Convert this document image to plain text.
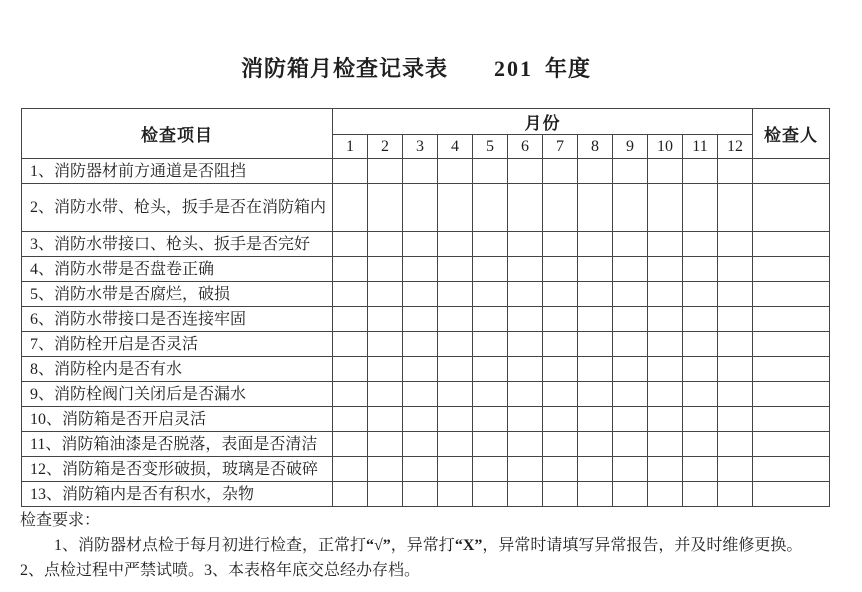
消防箱月检查记录表 201 年度
检查项目	月份												检查人
	1	2	3	4	5	6	7	8	9	10	11	12	
1、消防器材前方通道是否阻挡													
2、消防水带、枪头，扳手是否在消防箱内													
3、消防水带接口、枪头、扳手是否完好													
4、消防水带是否盘卷正确													
5、消防水带是否腐烂，破损													
6、消防水带接口是否连接牢固													
7、消防栓开启是否灵活													
8、消防栓内是否有水													
9、消防栓阀门关闭后是否漏水													
10、消防箱是否开启灵活													
11、消防箱油漆是否脱落，表面是否清洁													
12、消防箱是否变形破损，玻璃是否破碎													
13、消防箱内是否有积水，杂物													
检查要求：
1、消防器材点检于每月初进行检查，正常打“√”，异常打“X”，异常时请填写异常报告，并及时维修更换。
2、点检过程中严禁试喷。3、本表格年底交总经办存档。
